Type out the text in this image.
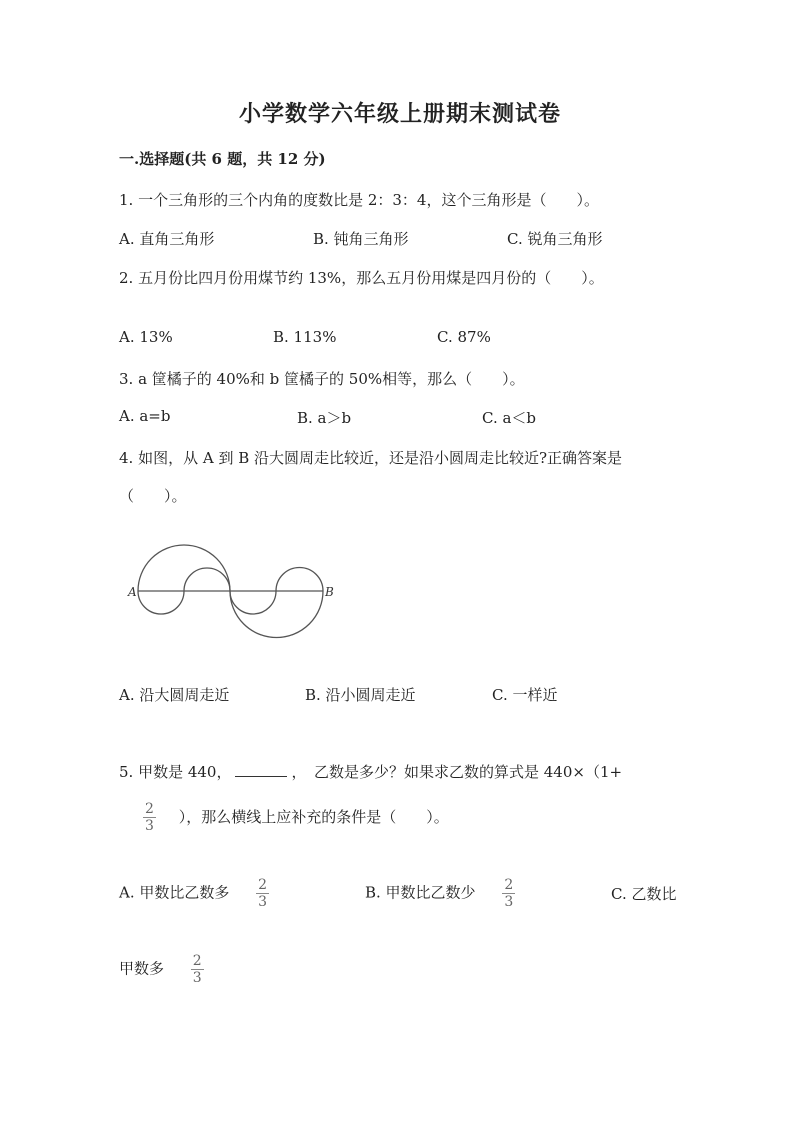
小学数学六年级上册期末测试卷
一.选择题(共 6 题，共 12 分)
1. 一个三角形的三个内角的度数比是 2：3：4，这个三角形是（　　）。
A. 直角三角形	B. 钝角三角形	C. 锐角三角形
2. 五月份比四月份用煤节约 13%，那么五月份用煤是四月份的（　　）。
A. 13%	B. 113%	C. 87%
3. a 筐橘子的 40%和 b 筐橘子的 50%相等，那么（　　）。
A. a=b	B. a＞b	C. a＜b
4. 如图，从 A 到 B 沿大圆周走比较近，还是沿小圆周走比较近?正确答案是
（　　）。
A	B
A. 沿大圆周走近	B. 沿小圆周走近	C. 一样近
5. 甲数是 440，	，　乙数是多少？如果求乙数的算式是 440×（1+
$\frac{2}{3}$ ），那么横线上应补充的条件是（　　）。
A. 甲数比乙数多 $\frac{2}{3}$	B. 甲数比乙数少 $\frac{2}{3}$	C. 乙数比
甲数多 $\frac{2}{3}$
